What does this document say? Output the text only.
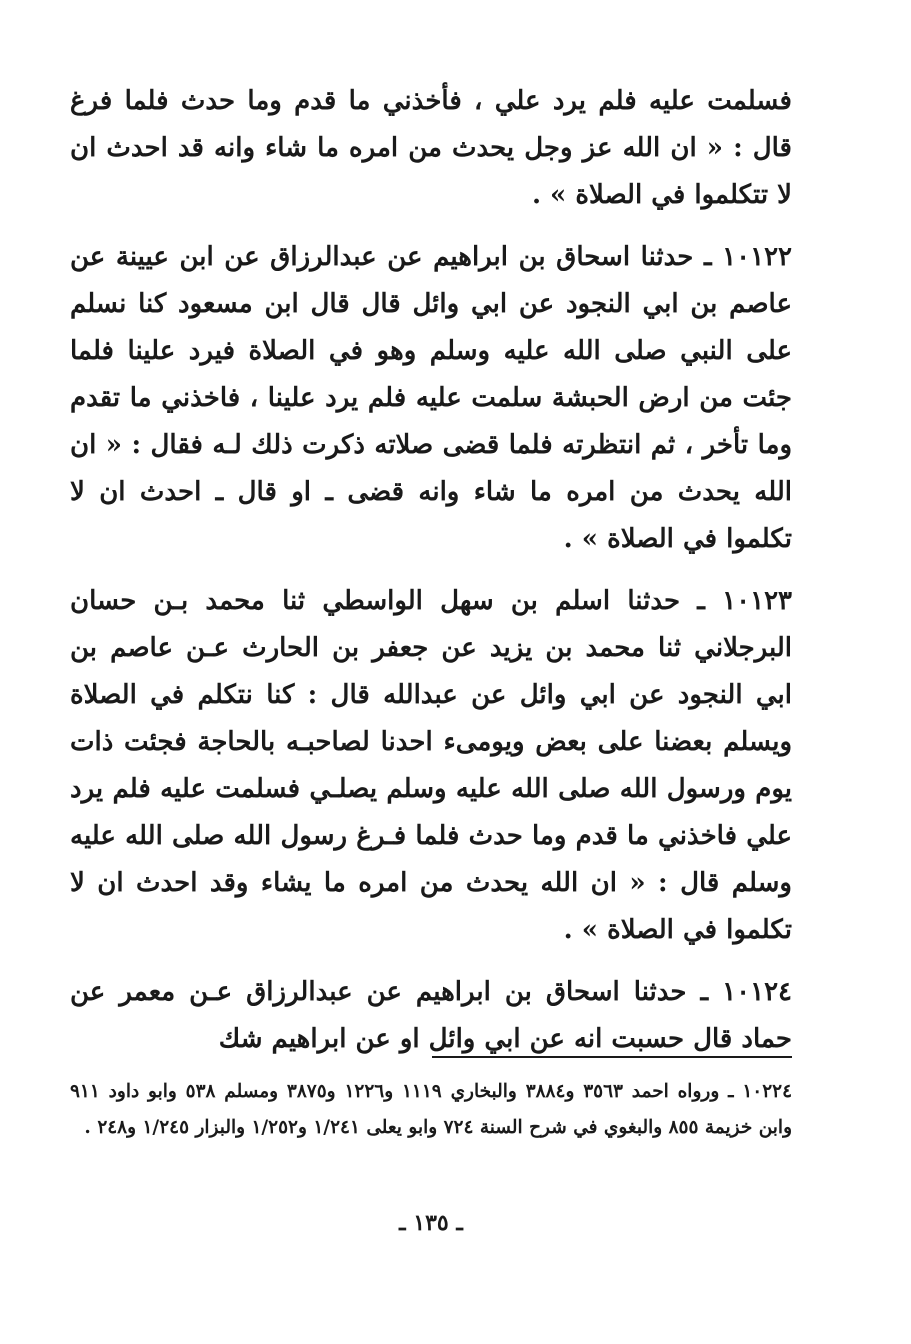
فسلمت عليه فلم يرد علي ، فأخذني ما قدم وما حدث فلما فرغ قال : « ان الله عز وجل يحدث من امره ما شاء وانه قد احدث ان لا تتكلموا في الصلاة » .

١٠١٢٢ ـ حدثنا اسحاق بن ابراهيم عن عبدالرزاق عن ابن عيينة عن عاصم بن ابي النجود عن ابي وائل قال قال ابن مسعود كنا نسلم على النبي صلى الله عليه وسلم وهو في الصلاة فيرد علينا فلما جئت من ارض الحبشة سلمت عليه فلم يرد علينا ، فاخذني ما تقدم وما تأخر ، ثم انتظرته فلما قضى صلاته ذكرت ذلك لـه فقال : « ان الله يحدث من امره ما شاء وانه قضى ـ او قال ـ احدث ان لا تكلموا في الصلاة » .

١٠١٢٣ ـ حدثنا اسلم بن سهل الواسطي ثنا محمد بـن حسان البرجلاني ثنا محمد بن يزيد عن جعفر بن الحارث عـن عاصم بن ابي النجود عن ابي وائل عن عبدالله قال : كنا نتكلم في الصلاة ويسلم بعضنا على بعض ويومىء احدنا لصاحبـه بالحاجة فجئت ذات يوم ورسول الله صلى الله عليه وسلم يصلـي فسلمت عليه فلم يرد علي فاخذني ما قدم وما حدث فلما فـرغ رسول الله صلى الله عليه وسلم قال : « ان الله يحدث من امره ما يشاء وقد احدث ان لا تكلموا في الصلاة » .

١٠١٢٤ ـ حدثنا اسحاق بن ابراهيم عن عبدالرزاق عـن معمر عن حماد قال حسبت انه عن ابي وائل او عن ابراهيم شك

١٠٢٢٤ ـ ورواه احمد ٣٥٦٣ و٣٨٨٤ والبخاري ١١١٩ و١٢٢٦ و٣٨٧٥ ومسلم ٥٣٨ وابو داود ٩١١ وابن خزيمة ٨٥٥ والبغوي في شرح السنة ٧٢٤ وابو يعلى ١/٢٤١ و١/٢٥٢ والبزار ١/٢٤٥ و٢٤٨ .

ـ ١٣٥ ـ
